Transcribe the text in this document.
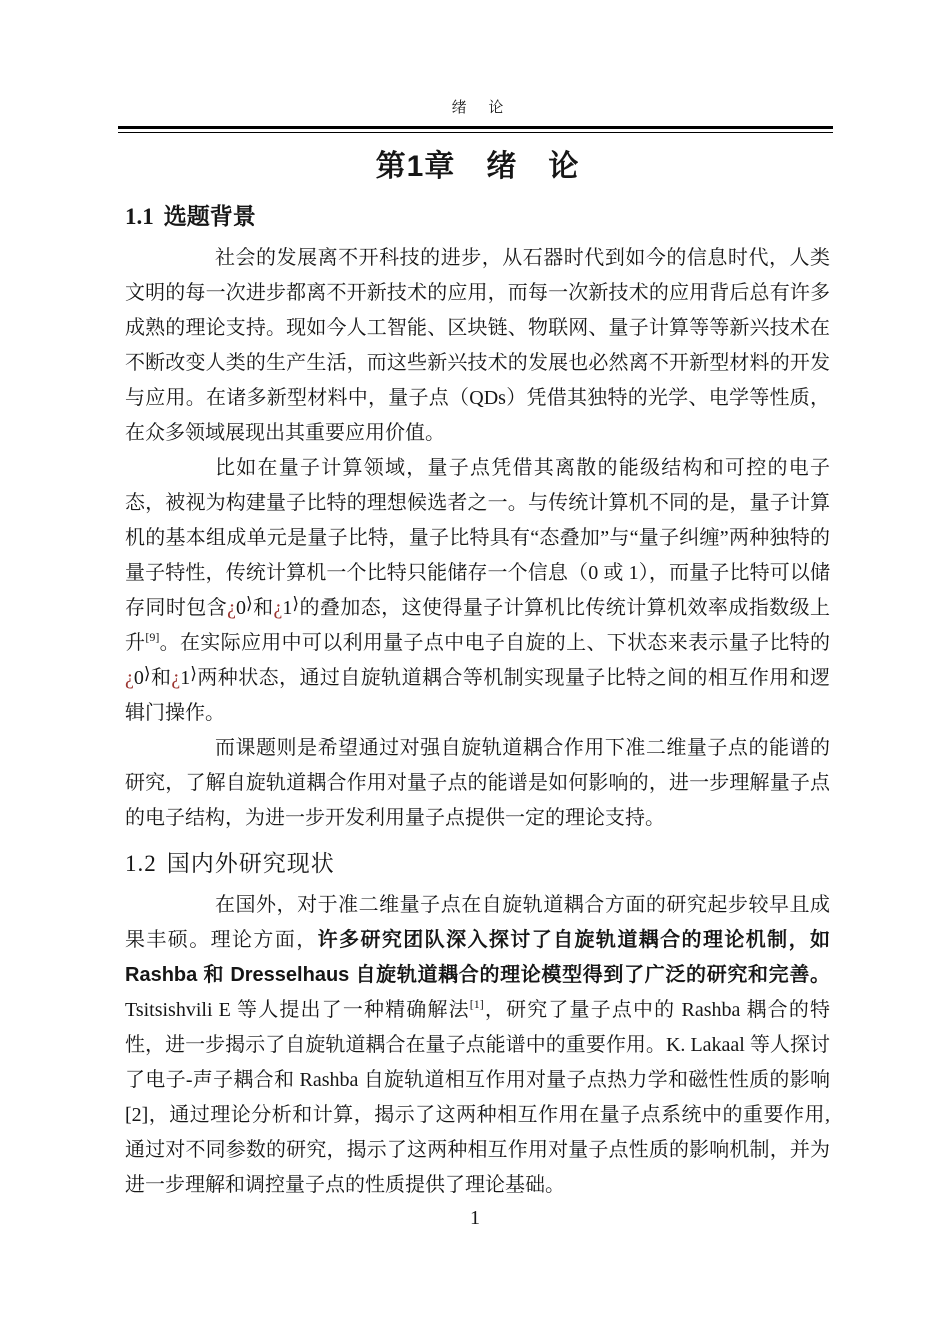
绪 论
第1章　绪　论
1.1 选题背景

社会的发展离不开科技的进步，从石器时代到如今的信息时代，人类文明的每一次进步都离不开新技术的应用，而每一次新技术的应用背后总有许多成熟的理论支持。现如今人工智能、区块链、物联网、量子计算等等新兴技术在不断改变人类的生产生活，而这些新兴技术的发展也必然离不开新型材料的开发与应用。在诸多新型材料中，量子点（QDs）凭借其独特的光学、电学等性质，在众多领域展现出其重要应用价值。

比如在量子计算领域，量子点凭借其离散的能级结构和可控的电子态，被视为构建量子比特的理想候选者之一。与传统计算机不同的是，量子计算机的基本组成单元是量子比特，量子比特具有“态叠加”与“量子纠缠”两种独特的量子特性，传统计算机一个比特只能储存一个信息（0 或 1），而量子比特可以储存同时包含¿0⟩和¿1⟩的叠加态，这使得量子计算机比传统计算机效率成指数级上升[9]。在实际应用中可以利用量子点中电子自旋的上、下状态来表示量子比特的¿0⟩和¿1⟩两种状态，通过自旋轨道耦合等机制实现量子比特之间的相互作用和逻辑门操作。

而课题则是希望通过对强自旋轨道耦合作用下准二维量子点的能谱的研究，了解自旋轨道耦合作用对量子点的能谱是如何影响的，进一步理解量子点的电子结构，为进一步开发利用量子点提供一定的理论支持。

1.2 国内外研究现状

在国外，对于准二维量子点在自旋轨道耦合方面的研究起步较早且成果丰硕。理论方面，许多研究团队深入探讨了自旋轨道耦合的理论机制，如 Rashba 和 Dresselhaus 自旋轨道耦合的理论模型得到了广泛的研究和完善。Tsitsishvili E 等人提出了一种精确解法[1]，研究了量子点中的 Rashba 耦合的特性，进一步揭示了自旋轨道耦合在量子点能谱中的重要作用。K. Lakaal 等人探讨了电子-声子耦合和 Rashba 自旋轨道相互作用对量子点热力学和磁性性质的影响[2]，通过理论分析和计算，揭示了这两种相互作用在量子点系统中的重要作用,通过对不同参数的研究，揭示了这两种相互作用对量子点性质的影响机制，并为进一步理解和调控量子点的性质提供了理论基础。

1
